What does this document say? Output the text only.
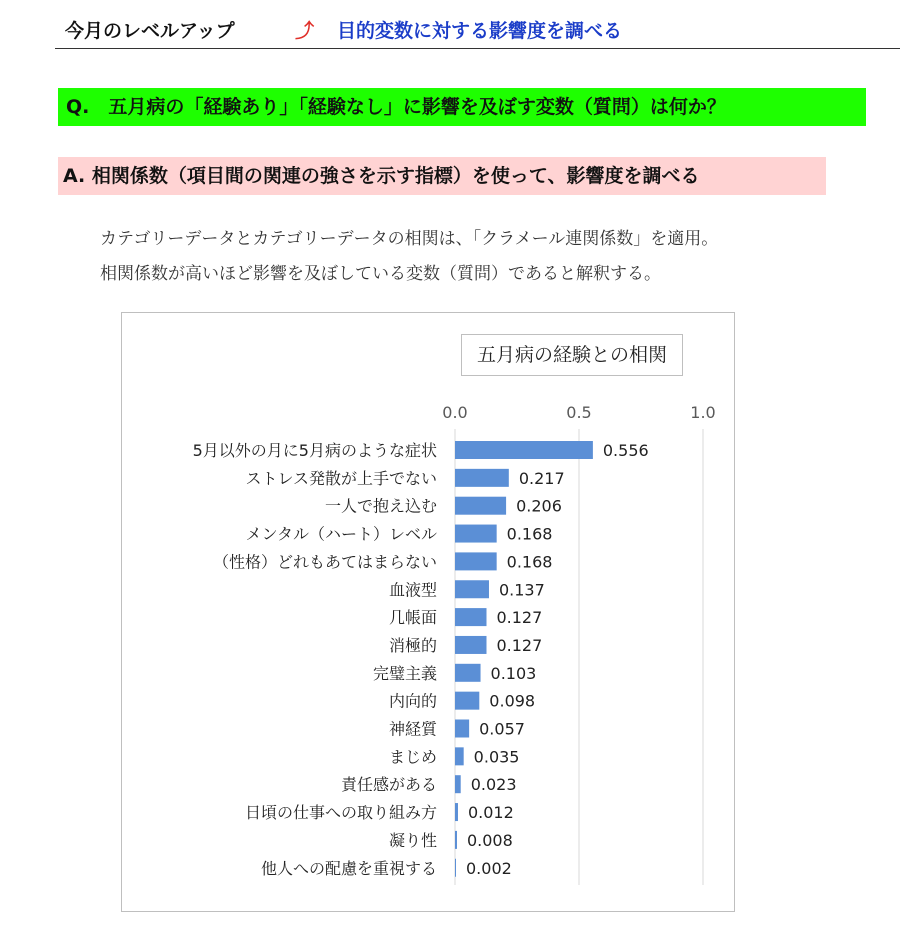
今月のレベルアップ	⤴ 目的変数に対する影響度を調べる
Q.　五月病の「経験あり」「経験なし」に影響を及ぼす変数（質問）は何か？
A. 相関係数（項目間の関連の強さを示す指標）を使って、影響度を調べる
カテゴリーデータとカテゴリーデータの相関は、「クラメール連関係数」を適用。
相関係数が高いほど影響を及ぼしている変数（質問）であると解釈する。
五月病の経験との相関
0.0	0.5	1.0
5月以外の月に5月病のような症状	0.556
ストレス発散が上手でない	0.217
一人で抱え込む	0.206
メンタル（ハート）レベル	0.168
（性格）どれもあてはまらない	0.168
血液型	0.137
几帳面	0.127
消極的	0.127
完璧主義	0.103
内向的	0.098
神経質	0.057
まじめ 0.035
責任感がある 0.023
日頃の仕事への取り組み方 0.012
凝り性 0.008
他人への配慮を重視する 0.002
